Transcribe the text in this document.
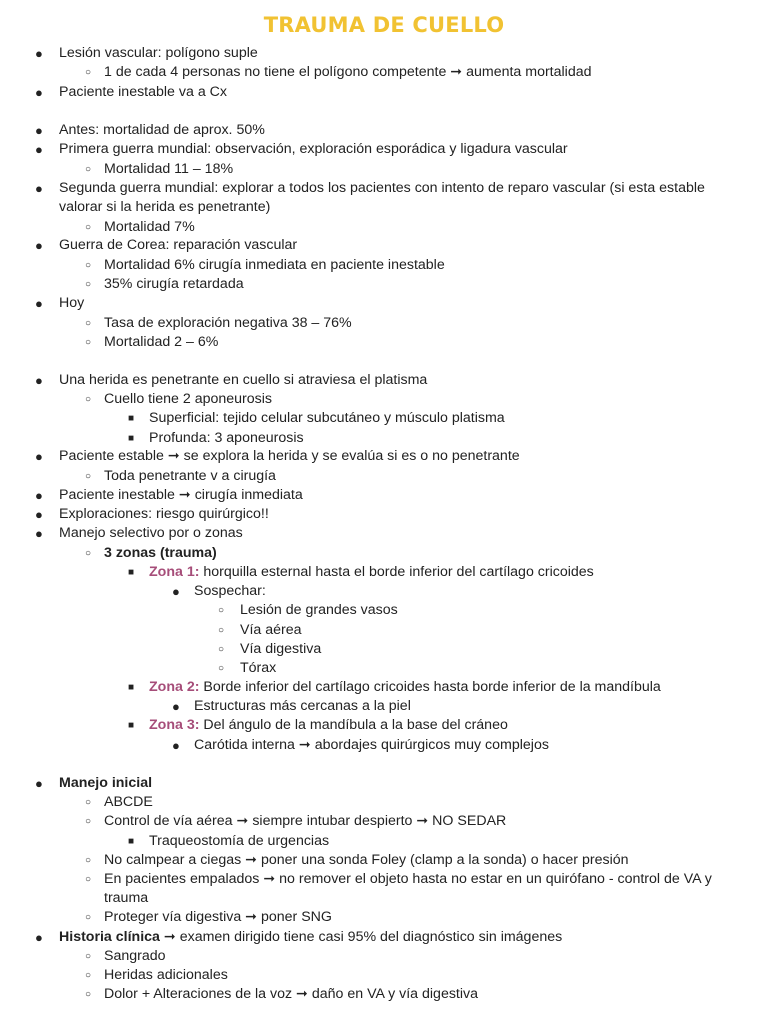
TRAUMA DE CUELLO
● Lesión vascular: polígono suple
○ 1 de cada 4 personas no tiene el polígono competente ➞ aumenta mortalidad
● Paciente inestable va a Cx
● Antes: mortalidad de aprox. 50%
● Primera guerra mundial: observación, exploración esporádica y ligadura vascular
○ Mortalidad 11 – 18%
● Segunda guerra mundial: explorar a todos los pacientes con intento de reparo vascular (si esta estable valorar si la herida es penetrante)
○ Mortalidad 7%
● Guerra de Corea: reparación vascular
○ Mortalidad 6% cirugía inmediata en paciente inestable
○ 35% cirugía retardada
● Hoy
○ Tasa de exploración negativa 38 – 76%
○ Mortalidad 2 – 6%
● Una herida es penetrante en cuello si atraviesa el platisma
○ Cuello tiene 2 aponeurosis
■ Superficial: tejido celular subcutáneo y músculo platisma
■ Profunda: 3 aponeurosis
● Paciente estable ➞ se explora la herida y se evalúa si es o no penetrante
○ Toda penetrante v a cirugía
● Paciente inestable ➞ cirugía inmediata
● Exploraciones: riesgo quirúrgico!!
● Manejo selectivo por o zonas
○ 3 zonas (trauma)
■ Zona 1: horquilla esternal hasta el borde inferior del cartílago cricoides
● Sospechar:
○ Lesión de grandes vasos
○ Vía aérea
○ Vía digestiva
○ Tórax
■ Zona 2: Borde inferior del cartílago cricoides hasta borde inferior de la mandíbula
● Estructuras más cercanas a la piel
■ Zona 3: Del ángulo de la mandíbula a la base del cráneo
● Carótida interna ➞ abordajes quirúrgicos muy complejos
● Manejo inicial
○ ABCDE
○ Control de vía aérea ➞ siempre intubar despierto ➞ NO SEDAR
■ Traqueostomía de urgencias
○ No calmpear a ciegas ➞ poner una sonda Foley (clamp a la sonda) o hacer presión
○ En pacientes empalados ➞ no remover el objeto hasta no estar en un quirófano - control de VA y trauma
○ Proteger vía digestiva ➞ poner SNG
● Historia clínica ➞ examen dirigido tiene casi 95% del diagnóstico sin imágenes
○ Sangrado
○ Heridas adicionales
○ Dolor + Alteraciones de la voz ➞ daño en VA y vía digestiva
